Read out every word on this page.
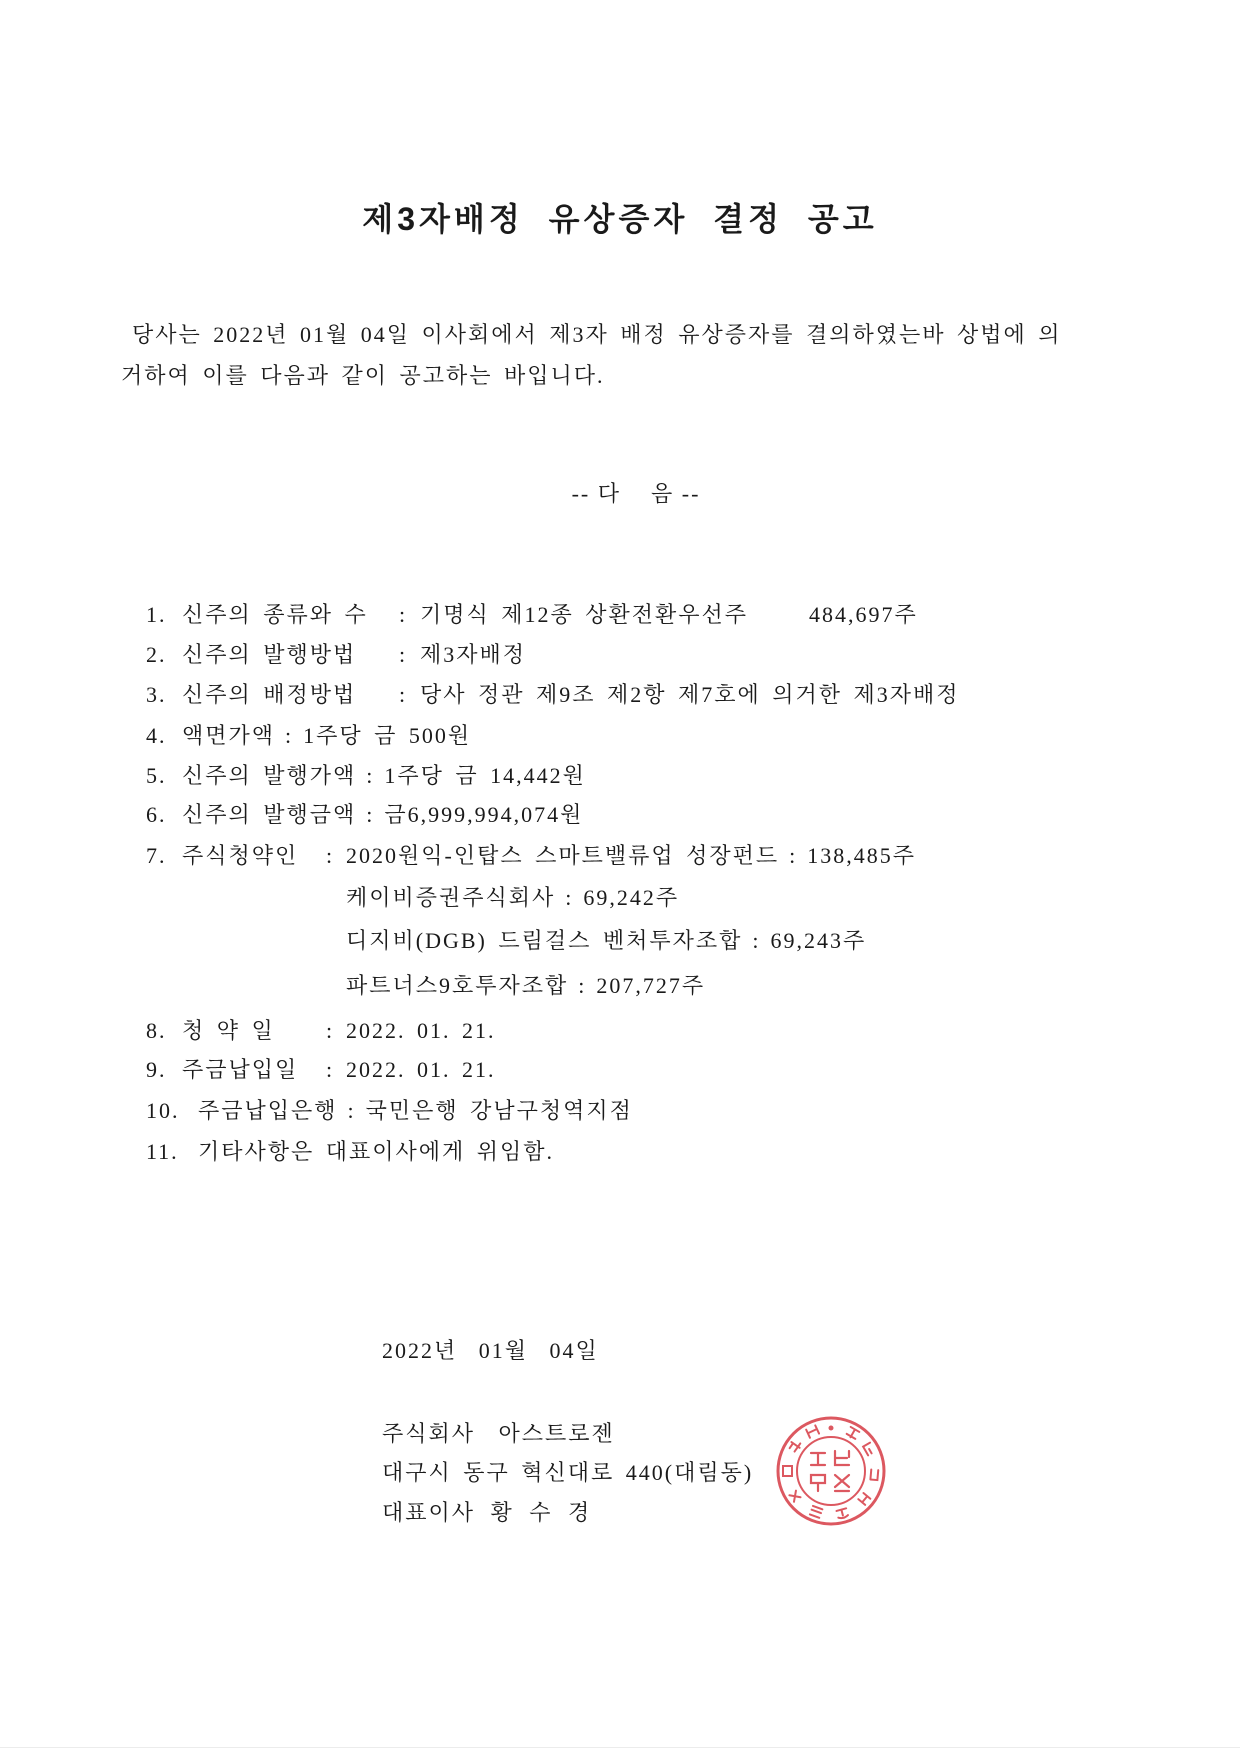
제3자배정 유상증자 결정 공고
당사는 2022년 01월 04일 이사회에서 제3자 배정 유상증자를 결의하였는바 상법에 의
거하여 이를 다음과 같이 공고하는 바입니다.
-- 다    음 --
1. 신주의 종류와 수 : 기명식 제12종 상환전환우선주	484,697주
2. 신주의 발행방법 : 제3자배정
3. 신주의 배정방법 : 당사 정관 제9조 제2항 제7호에 의거한 제3자배정
4. 액면가액 : 1주당 금 500원
5. 신주의 발행가액 : 1주당 금 14,442원
6. 신주의 발행금액 : 금6,999,994,074원
7. 주식청약인 : 2020원익-인탑스 스마트밸류업 성장펀드 : 138,485주
케이비증권주식회사 : 69,242주
디지비(DGB) 드림걸스 벤처투자조합 : 69,243주
파트너스9호투자조합 : 207,727주
8. 청 약 일 : 2022. 01. 21.
9. 주금납입일 : 2022. 01. 21.
10. 주금납입은행 : 국민은행 강남구청역지점
11. 기타사항은 대표이사에게 위임함.
2022년 01월 04일
주식회사 아스트로젠
대구시 동구 혁신대로 440(대림동)
대표이사 황 수 경
